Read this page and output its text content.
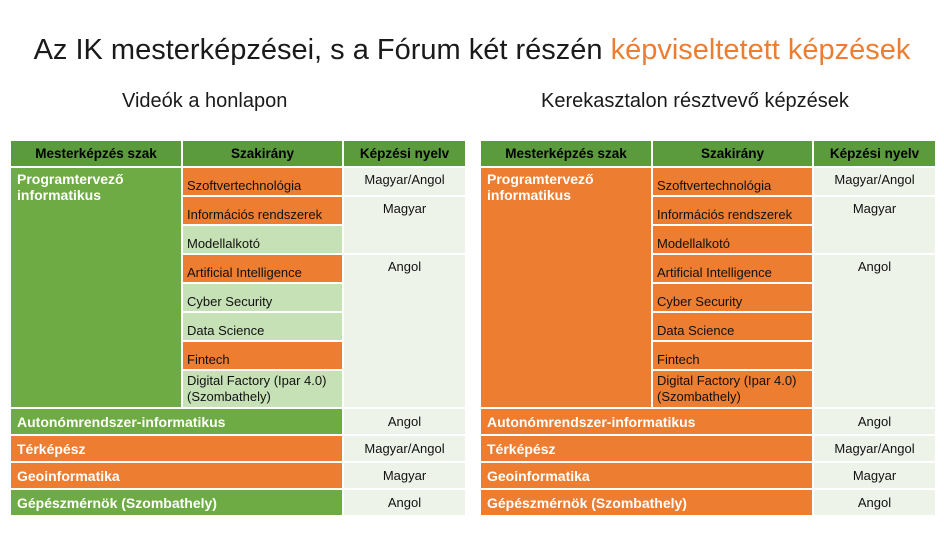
Az IK mesterképzései, s a Fórum két részén képviseltetett képzések
Videók a honlapon	Kerekasztalon résztvevő képzések
Mesterképzés szak	Szakirány	Képzési nyelv
Programtervező informatikus	Szoftvertechnológia	Magyar/Angol
	Információs rendszerek	Magyar
	Modellalkotó	
	Artificial Intelligence	Angol
	Cyber Security	
	Data Science	
	Fintech	
	Digital Factory (Ipar 4.0) (Szombathely)	
Autonómrendszer-informatikus		Angol
Térképész		Magyar/Angol
Geoinformatika		Magyar
Gépészmérnök (Szombathely)		Angol
Mesterképzés szak	Szakirány	Képzési nyelv
Programtervező informatikus	Szoftvertechnológia	Magyar/Angol
	Információs rendszerek	Magyar
	Modellalkotó	
	Artificial Intelligence	Angol
	Cyber Security	
	Data Science	
	Fintech	
	Digital Factory (Ipar 4.0) (Szombathely)	
Autonómrendszer-informatikus		Angol
Térképész		Magyar/Angol
Geoinformatika		Magyar
Gépészmérnök (Szombathely)		Angol
